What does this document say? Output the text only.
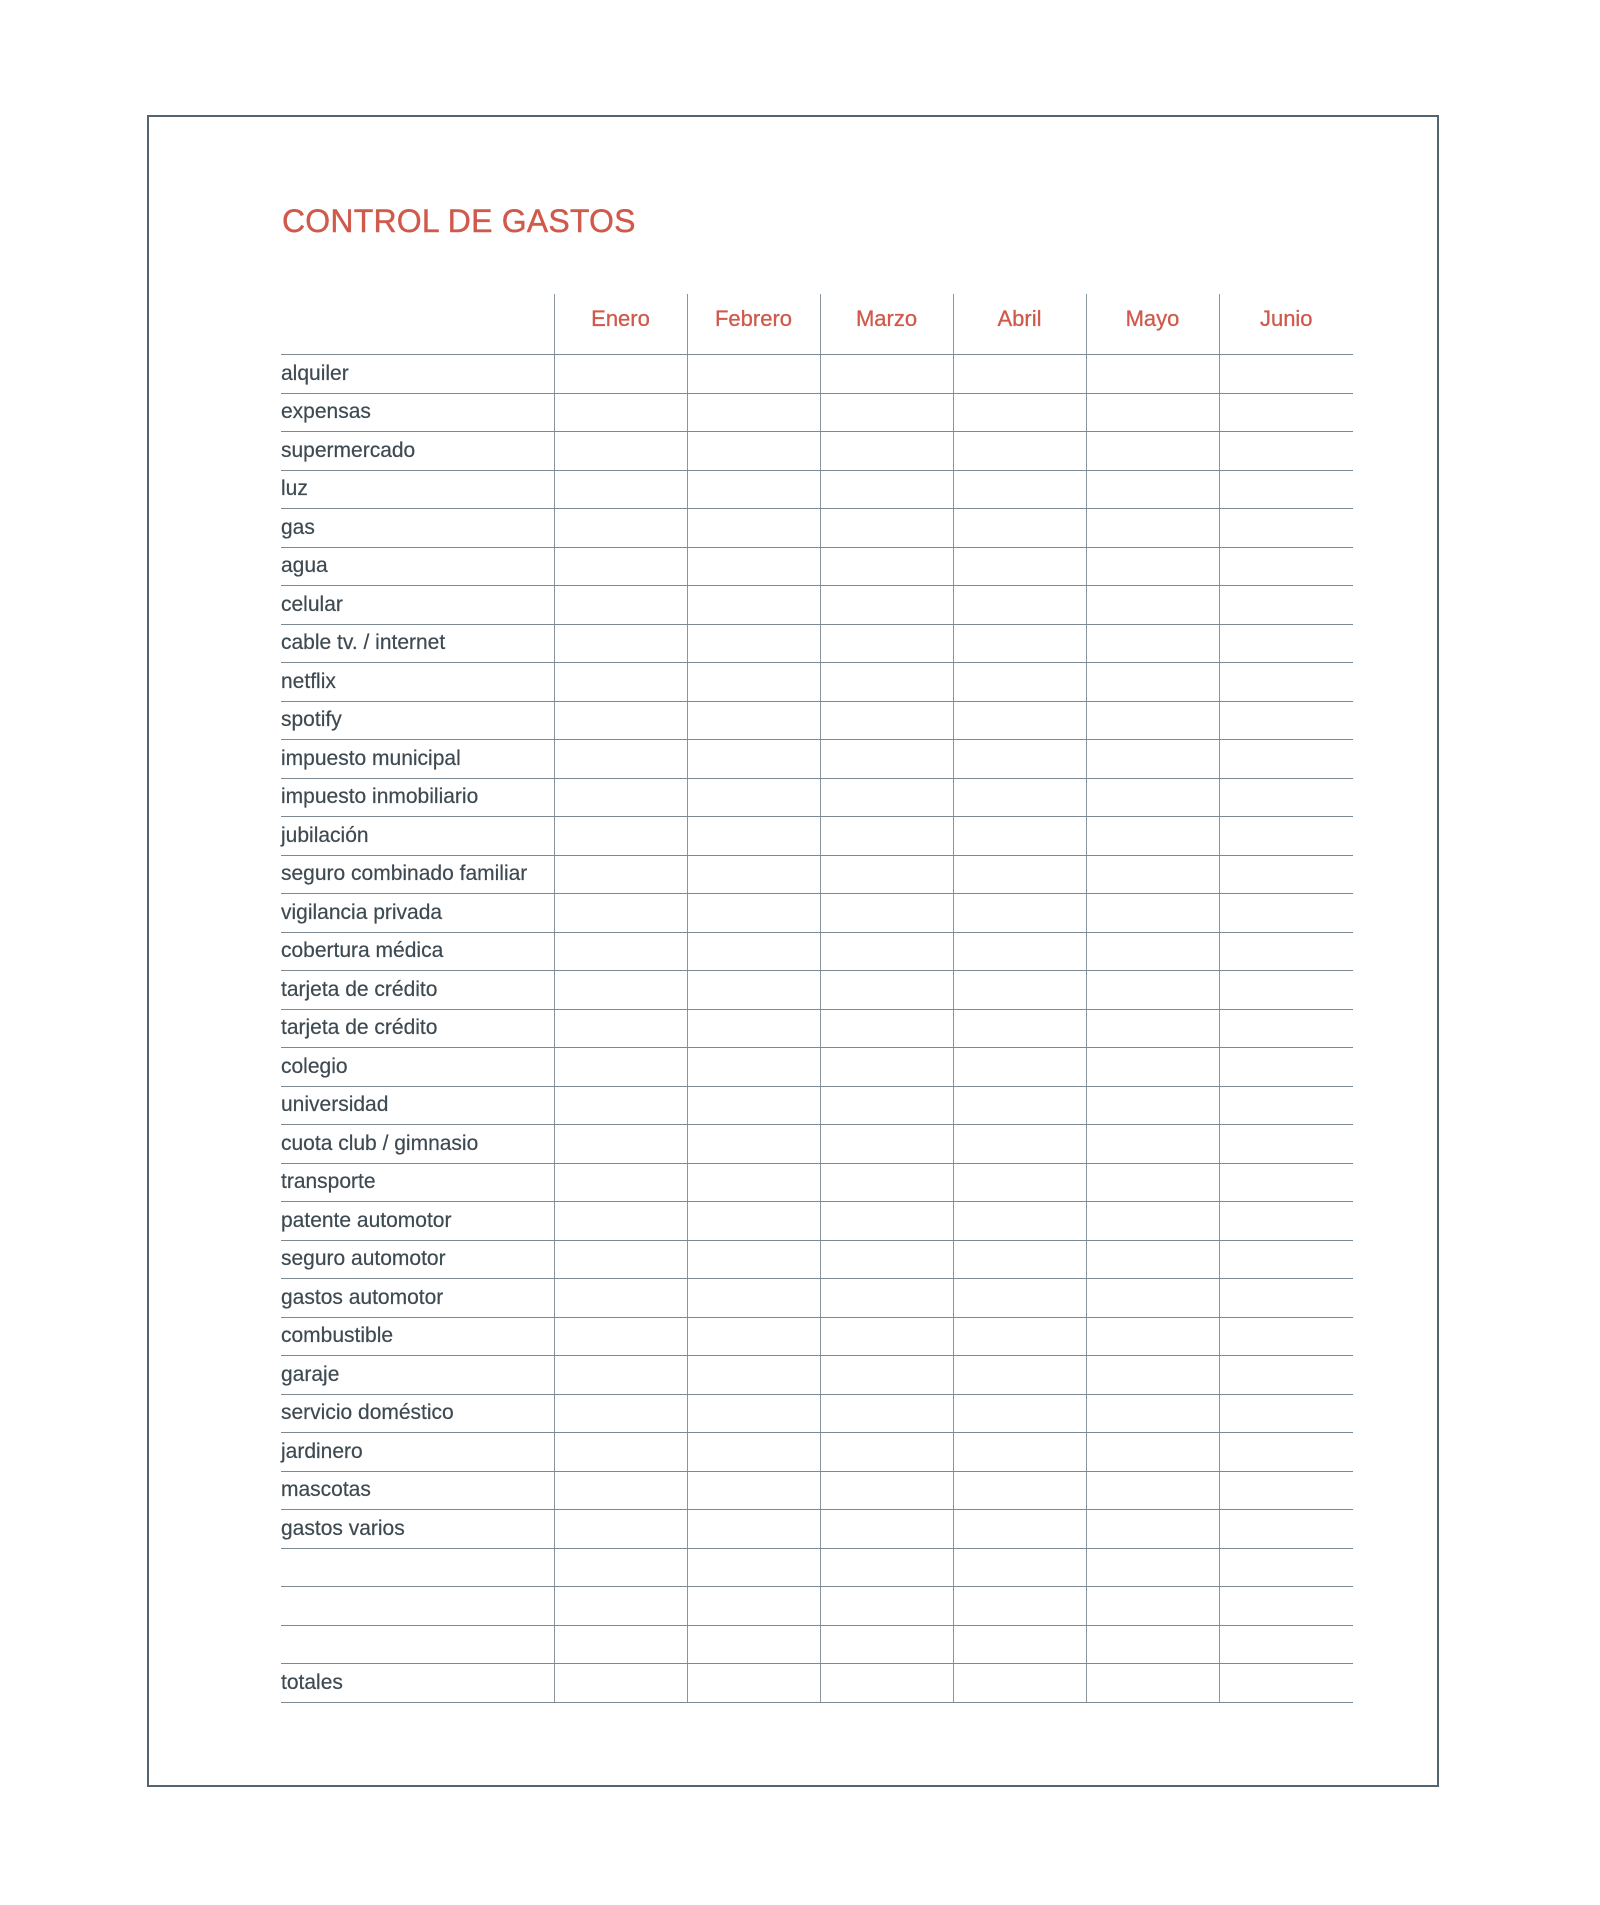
CONTROL DE GASTOS
	Enero	Febrero	Marzo	Abril	Mayo	Junio
alquiler						
expensas						
supermercado						
luz						
gas						
agua						
celular						
cable tv. / internet						
netflix						
spotify						
impuesto municipal						
impuesto inmobiliario						
jubilación						
seguro combinado familiar						
vigilancia privada						
cobertura médica						
tarjeta de crédito						
tarjeta de crédito						
colegio						
universidad						
cuota club / gimnasio						
transporte						
patente automotor						
seguro automotor						
gastos automotor						
combustible						
garaje						
servicio doméstico						
jardinero						
mascotas						
gastos varios						

totales						
